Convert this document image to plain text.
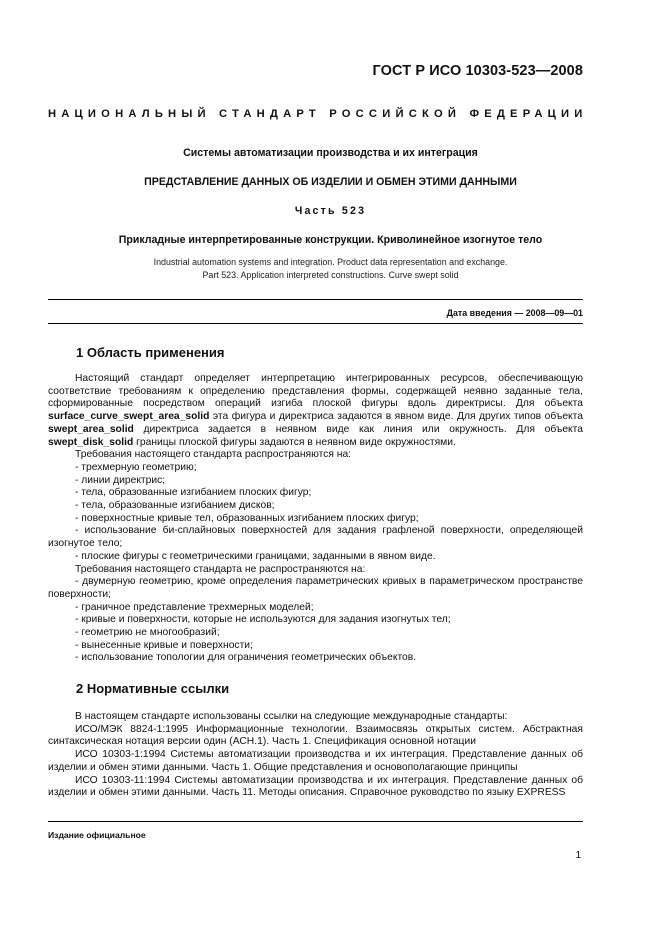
ГОСТ Р ИСО 10303-523—2008
НАЦИОНАЛЬНЫЙ СТАНДАРТ РОССИЙСКОЙ ФЕДЕРАЦИИ
Системы автоматизации производства и их интеграция
ПРЕДСТАВЛЕНИЕ ДАННЫХ ОБ ИЗДЕЛИИ И ОБМЕН ЭТИМИ ДАННЫМИ
Часть 523
Прикладные интерпретированные конструкции. Криволинейное изогнутое тело
Industrial automation systems and integration. Product data representation and exchange.
Part 523. Application interpreted constructions. Curve swept solid
Дата введения — 2008—09—01
1 Область применения
Настоящий стандарт определяет интерпретацию интегрированных ресурсов, обеспечивающую соответствие требованиям к определению представления формы, содержащей неявно заданные тела, сформированные посредством операций изгиба плоской фигуры вдоль директрисы. Для объекта surface_curve_swept_area_solid эта фигура и директриса задаются в явном виде. Для других типов объекта swept_area_solid директриса задается в неявном виде как линия или окружность. Для объекта swept_disk_solid границы плоской фигуры задаются в неявном виде окружностями.
Требования настоящего стандарта распространяются на:
- трехмерную геометрию;
- линии директрис;
- тела, образованные изгибанием плоских фигур;
- тела, образованные изгибанием дисков;
- поверхностные кривые тел, образованных изгибанием плоских фигур;
- использование би-сплайновых поверхностей для задания графленой поверхности, определяющей изогнутое тело;
- плоские фигуры с геометрическими границами, заданными в явном виде.
Требования настоящего стандарта не распространяются на:
- двумерную геометрию, кроме определения параметрических кривых в параметрическом пространстве поверхности;
- граничное представление трехмерных моделей;
- кривые и поверхности, которые не используются для задания изогнутых тел;
- геометрию не многообразий;
- вынесенные кривые и поверхности;
- использование топологии для ограничения геометрических объектов.
2 Нормативные ссылки
В настоящем стандарте использованы ссылки на следующие международные стандарты:
ИСО/МЭК 8824-1:1995 Информационные технологии. Взаимосвязь открытых систем. Абстрактная синтаксическая нотация версии один (АСН.1). Часть 1. Спецификация основной нотации
ИСО 10303-1:1994 Системы автоматизации производства и их интеграция. Представление данных об изделии и обмен этими данными. Часть 1. Общие представления и основополагающие принципы
ИСО 10303-11:1994 Системы автоматизации производства и их интеграция. Представление данных об изделии и обмен этими данными. Часть 11. Методы описания. Справочное руководство по языку EXPRESS
Издание официальное
1
